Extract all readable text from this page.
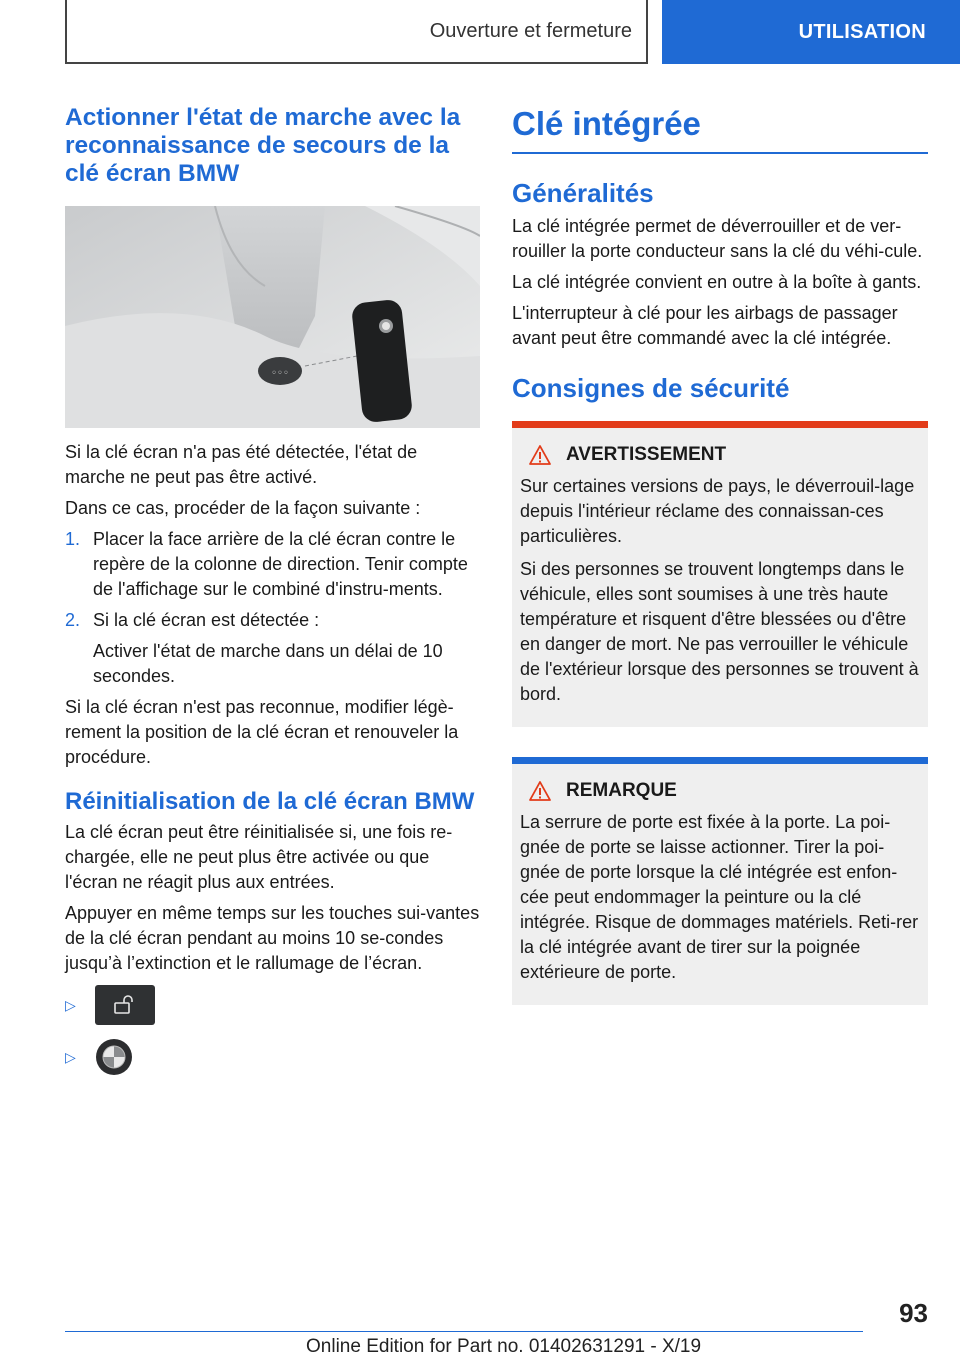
Ouverture et fermeture	UTILISATION
Actionner l'état de marche avec la reconnaissance de secours de la clé écran BMW
◦◦◦

Si la clé écran n'a pas été détectée, l'état de marche ne peut pas être activé.

Dans ce cas, procéder de la façon suivante :

1. Placer la face arrière de la clé écran contre le repère de la colonne de direction. Tenir compte de l'affichage sur le combiné d'instru-ments.
2. Si la clé écran est détectée :

Activer l'état de marche dans un délai de 10 secondes.

Si la clé écran n'est pas reconnue, modifier légè-rement la position de la clé écran et renouveler la procédure.

Réinitialisation de la clé écran BMW

La clé écran peut être réinitialisée si, une fois re-chargée, elle ne peut plus être activée ou que l'écran ne réagit plus aux entrées.

Appuyer en même temps sur les touches sui-vantes de la clé écran pendant au moins 10 se-condes jusqu’à l’extinction et le rallumage de l’écran.

▷
▷
Clé intégrée
Généralités

La clé intégrée permet de déverrouiller et de ver-rouiller la porte conducteur sans la clé du véhi-cule.

La clé intégrée convient en outre à la boîte à gants.

L'interrupteur à clé pour les airbags de passager avant peut être commandé avec la clé intégrée.

Consignes de sécurité
AVERTISSEMENT

Sur certaines versions de pays, le déverrouil-lage depuis l'intérieur réclame des connaissan-ces particulières.

Si des personnes se trouvent longtemps dans le véhicule, elles sont soumises à une très haute température et risquent d'être blessées ou d'être en danger de mort. Ne pas verrouiller le véhicule de l'extérieur lorsque des personnes se trouvent à bord.

REMARQUE

La serrure de porte est fixée à la porte. La poi-gnée de porte se laisse actionner. Tirer la poi-gnée de porte lorsque la clé intégrée est enfon-cée peut endommager la peinture ou la clé intégrée. Risque de dommages matériels. Reti-rer la clé intégrée avant de tirer sur la poignée extérieure de porte.

93
Online Edition for Part no. 01402631291 - X/19
